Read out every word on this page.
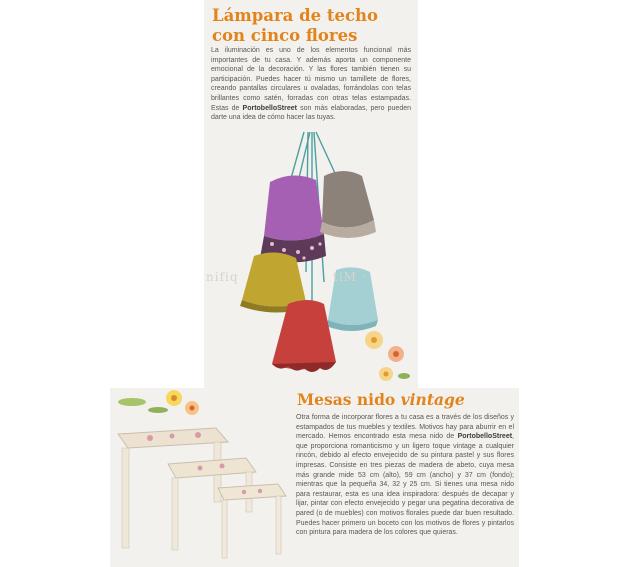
Lámpara de techo
con cinco flores

La iluminación es uno de los elementos funcional más importantes de tu casa. Y además aporta un componente emocional de la decoración. Y las flores también tienen su participación. Puedes hacer tú mismo un tamillete de flores, creando pantallas circulares u ovaladas, forrándolas con telas brillantes como satén, forradas con otras telas estampadas. Estas de PortobelloStreet son más elaboradas, pero pueden darte una idea de cómo hacer las tuyas.

nifiq	tiM ·
Mesas nido vintage

Otra forma de incorporar flores a tu casa es a través de los diseños y estampados de tus muebles y textiles. Motivos hay para aburrir en el mercado. Hemos encontrado esta mesa nido de PortobelloStreet, que proporciona romanticismo y un ligero toque vintage a cualquier rincón, debido al efecto envejecido de su pintura pastel y sus flores impresas. Consiste en tres piezas de madera de abeto, cuya mesa más grande mide 53 cm (alto), 59 cm (ancho) y 37 cm (fondo); mientras que la pequeña 34, 32 y 25 cm. Si tienes una mesa nido para restaurar, esta es una idea inspiradora: después de decapar y lijar, pintar con efecto envejecido y pegar una pegatina decorativa de pared (o de muebles) con motivos florales puede dar buen resultado. Puedes hacer primero un boceto con los motivos de flores y pintarlos con pintura para madera de los colores que quieras.
